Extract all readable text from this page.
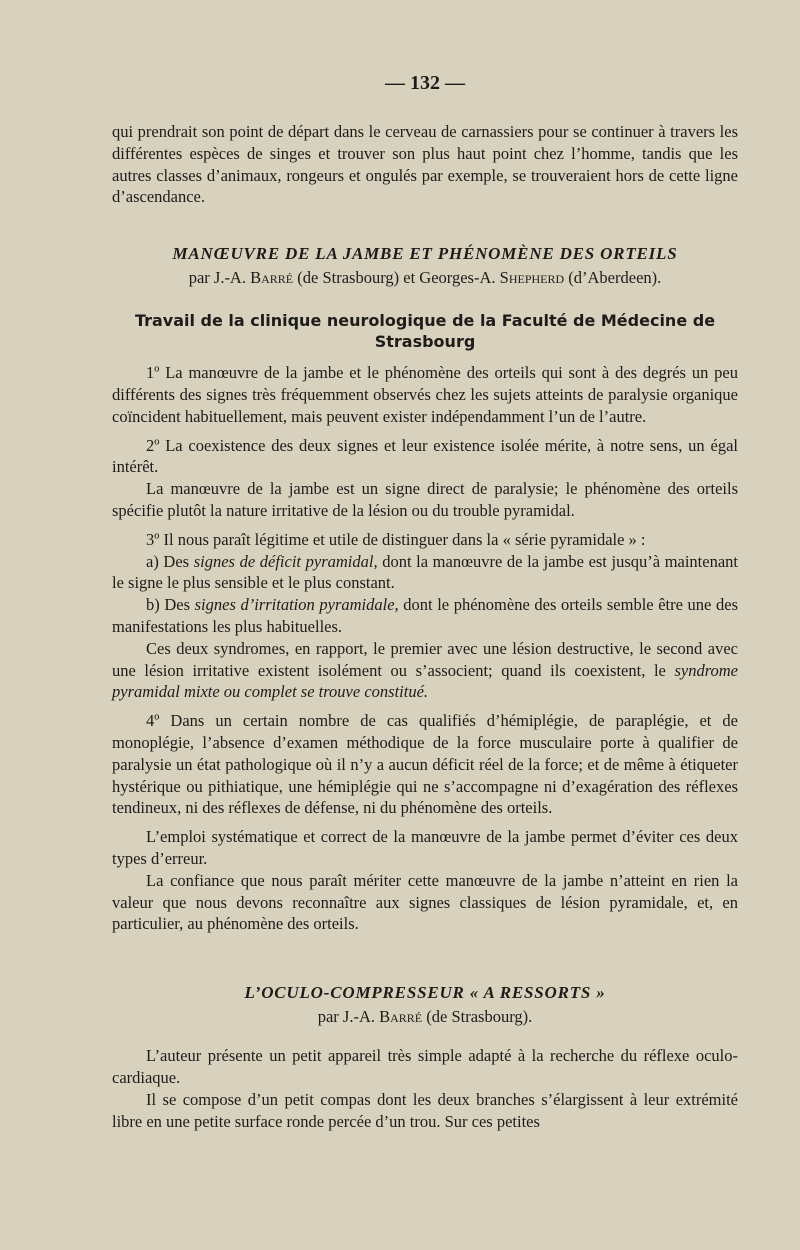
— 132 —

qui prendrait son point de départ dans le cerveau de carnassiers pour se continuer à travers les différentes espèces de singes et trouver son plus haut point chez l’homme, tandis que les autres classes d’animaux, rongeurs et ongulés par exemple, se trouveraient hors de cette ligne d’ascendance.

MANŒUVRE DE LA JAMBE ET PHÉNOMÈNE DES ORTEILS
par J.-A. Barré (de Strasbourg) et Georges-A. Shepherd (d’Aberdeen).
Travail de la clinique neurologique de la Faculté de Médecine de Strasbourg

1º La manœuvre de la jambe et le phénomène des orteils qui sont à des degrés un peu différents des signes très fréquemment observés chez les sujets atteints de paralysie organique coïncident habituellement, mais peuvent exister indépendamment l’un de l’autre.

2º La coexistence des deux signes et leur existence isolée mérite, à notre sens, un égal intérêt.

La manœuvre de la jambe est un signe direct de paralysie; le phénomène des orteils spécifie plutôt la nature irritative de la lésion ou du trouble pyramidal.

3º Il nous paraît légitime et utile de distinguer dans la « série pyramidale » :

a) Des signes de déficit pyramidal, dont la manœuvre de la jambe est jusqu’à maintenant le signe le plus sensible et le plus constant.

b) Des signes d’irritation pyramidale, dont le phénomène des orteils semble être une des manifestations les plus habituelles.

Ces deux syndromes, en rapport, le premier avec une lésion destructive, le second avec une lésion irritative existent isolément ou s’associent; quand ils coexistent, le syndrome pyramidal mixte ou complet se trouve constitué.

4º Dans un certain nombre de cas qualifiés d’hémiplégie, de paraplégie, et de monoplégie, l’absence d’examen méthodique de la force musculaire porte à qualifier de paralysie un état pathologique où il n’y a aucun déficit réel de la force; et de même à étiqueter hystérique ou pithiatique, une hémiplégie qui ne s’accompagne ni d’exagération des réflexes tendineux, ni des réflexes de défense, ni du phénomène des orteils.

L’emploi systématique et correct de la manœuvre de la jambe permet d’éviter ces deux types d’erreur.

La confiance que nous paraît mériter cette manœuvre de la jambe n’atteint en rien la valeur que nous devons reconnaître aux signes classiques de lésion pyramidale, et, en particulier, au phénomène des orteils.

L’OCULO-COMPRESSEUR « A RESSORTS »
par J.-A. Barré (de Strasbourg).

L’auteur présente un petit appareil très simple adapté à la recherche du réflexe oculo-cardiaque.

Il se compose d’un petit compas dont les deux branches s’élargissent à leur extrémité libre en une petite surface ronde percée d’un trou. Sur ces petites
